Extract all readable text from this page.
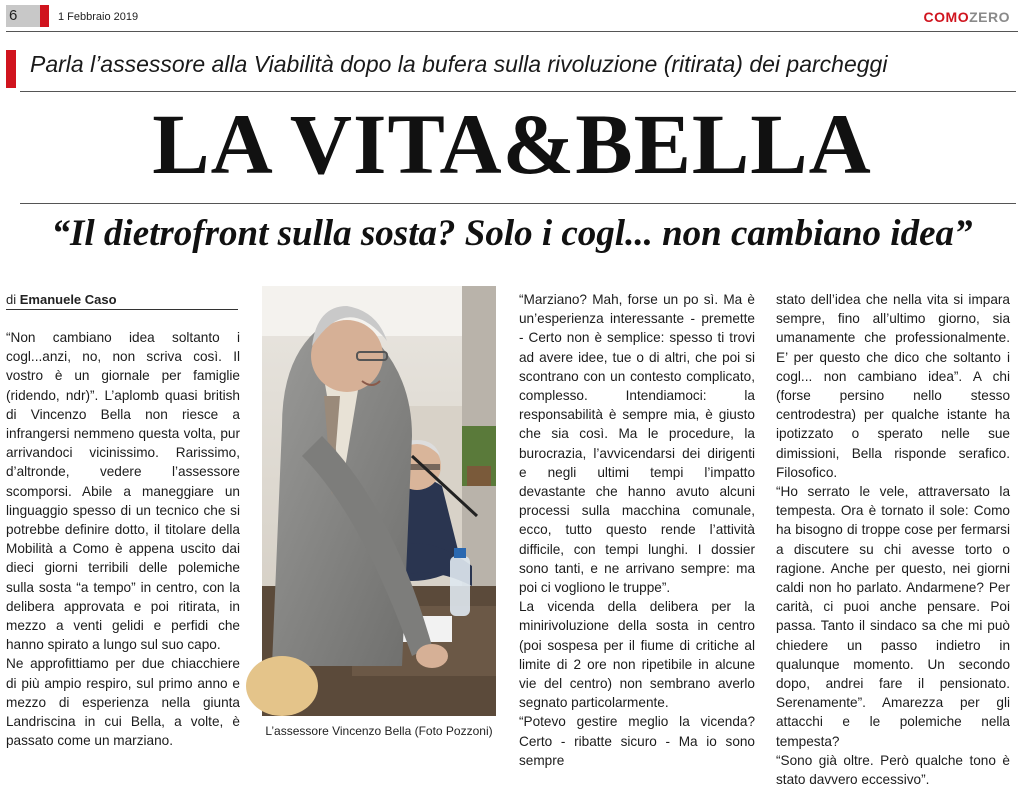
6	1 Febbraio 2019	COMOZERO
Parla l’assessore alla Viabilità dopo la bufera sulla rivoluzione (ritirata) dei parcheggi
LA VITA&BELLA
“Il dietrofront sulla sosta? Solo i cogl... non cambiano idea”
di Emanuele Caso

“Non cambiano idea soltanto i cogl...anzi, no, non scriva così. Il vostro è un giornale per famiglie (ridendo, ndr)”. L’aplomb quasi british di Vincenzo Bella non riesce a infrangersi nemmeno questa volta, pur arrivandoci vicinissimo. Rarissimo, d’altronde, vedere l’assessore scomporsi. Abile a maneggiare un linguaggio spesso di un tecnico che si potrebbe definire dotto, il titolare della Mobilità a Como è appena uscito dai dieci giorni terribili delle polemiche sulla sosta “a tempo” in centro, con la delibera approvata e poi ritirata, in mezzo a venti gelidi e perfidi che hanno spirato a lungo sul suo capo.

Ne approfittiamo per due chiacchiere di più ampio respiro, sul primo anno e mezzo di esperienza nella giunta Landriscina in cui Bella, a volte, è passato come un marziano.

L’assessore Vincenzo Bella (Foto Pozzoni)

“Marziano? Mah, forse un po sì. Ma è un’esperienza interessante - premette - Certo non è semplice: spesso ti trovi ad avere idee, tue o di altri, che poi si scontrano con un contesto complicato, complesso. Intendiamoci: la responsabilità è sempre mia, è giusto che sia così. Ma le procedure, la burocrazia, l’avvicendarsi dei dirigenti e negli ultimi tempi l’impatto devastante che hanno avuto alcuni processi sulla macchina comunale, ecco, tutto questo rende l’attività difficile, con tempi lunghi. I dossier sono tanti, e ne arrivano sempre: ma poi ci vogliono le truppe”.

La vicenda della delibera per la minirivoluzione della sosta in centro (poi sospesa per il fiume di critiche al limite di 2 ore non ripetibile in alcune vie del centro) non sembrano averlo segnato particolarmente.

“Potevo gestire meglio la vicenda? Certo - ribatte sicuro - Ma io sono sempre

stato dell’idea che nella vita si impara sempre, fino all’ultimo giorno, sia umanamente che professionalmente. E’ per questo che dico che soltanto i cogl... non cambiano idea”. A chi (forse persino nello stesso centrodestra) per qualche istante ha ipotizzato o sperato nelle sue dimissioni, Bella risponde serafico. Filosofico.

“Ho serrato le vele, attraversato la tempesta. Ora è tornato il sole: Como ha bisogno di troppe cose per fermarsi a discutere su chi avesse torto o ragione. Anche per questo, nei giorni caldi non ho parlato. Andarmene? Per carità, ci puoi anche pensare. Poi passa. Tanto il sindaco sa che mi può chiedere un passo indietro in qualunque momento. Un secondo dopo, andrei fare il pensionato. Serenamente”. Amarezza per gli attacchi e le polemiche nella tempesta?

“Sono già oltre. Però qualche tono è stato davvero eccessivo”.
